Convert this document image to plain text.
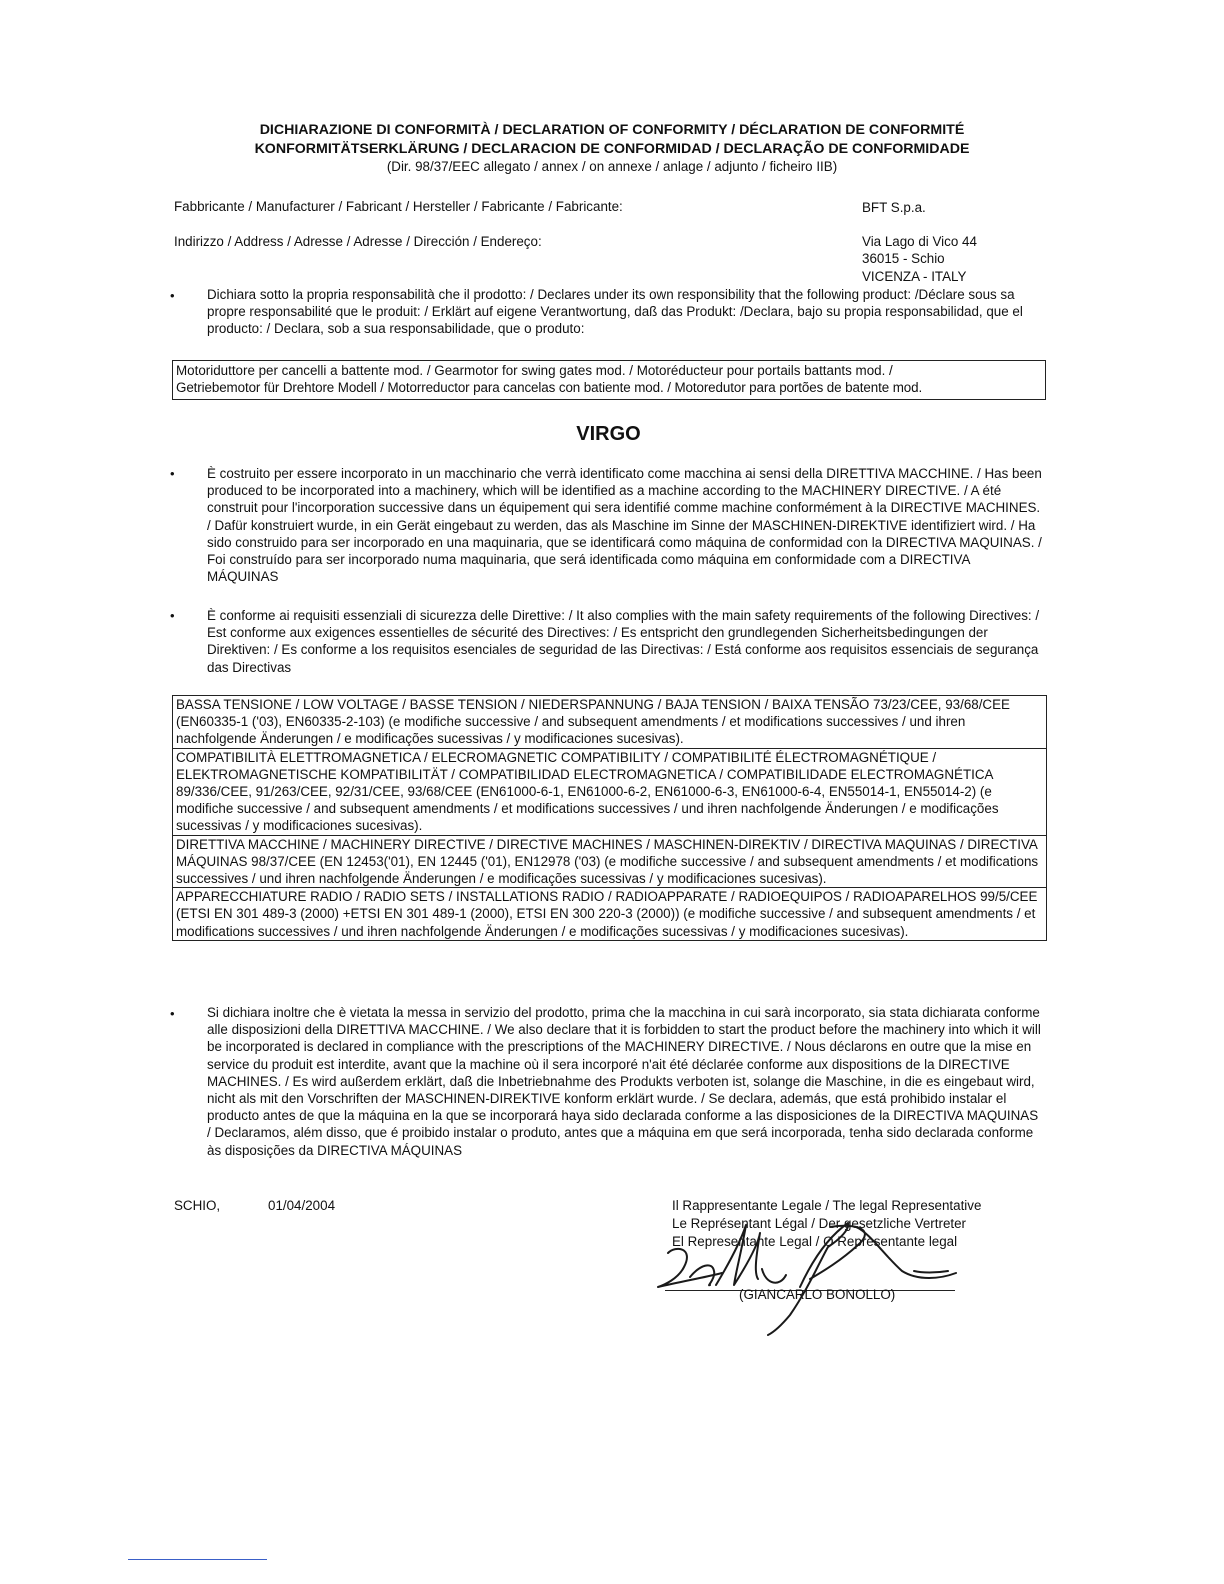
DICHIARAZIONE DI CONFORMITÀ / DECLARATION OF CONFORMITY / DÉCLARATION DE CONFORMITÉ
KONFORMITÄTSERKLÄRUNG / DECLARACION DE CONFORMIDAD / DECLARAÇÃO DE CONFORMIDADE
(Dir. 98/37/EEC allegato / annex / on annexe / anlage / adjunto / ficheiro IIB)
Fabbricante / Manufacturer / Fabricant / Hersteller / Fabricante / Fabricante:	BFT S.p.a.
Indirizzo / Address / Adresse / Adresse / Dirección / Endereço:	Via Lago di Vico 44
36015 - Schio
VICENZA - ITALY
• Dichiara sotto la propria responsabilità che il prodotto: / Declares under its own responsibility that the following product: /Déclare sous sa propre responsabilité que le produit: / Erklärt auf eigene Verantwortung, daß das Produkt: /Declara, bajo su propia responsabilidad, que el producto: / Declara, sob a sua responsabilidade, que o produto:
Motoriduttore per cancelli a battente mod. / Gearmotor for swing gates mod. / Motoréducteur pour portails battants mod. /
Getriebemotor für Drehtore Modell / Motorreductor para cancelas con batiente mod. / Motoredutor para portões de batente mod.
VIRGO
• È costruito per essere incorporato in un macchinario che verrà identificato come macchina ai sensi della DIRETTIVA MACCHINE. / Has been produced to be incorporated into a machinery, which will be identified as a machine according to the MACHINERY DIRECTIVE. / A été construit pour l'incorporation successive dans un équipement qui sera identifié comme machine conformément à la DIRECTIVE MACHINES. / Dafür konstruiert wurde, in ein Gerät eingebaut zu werden, das als Maschine im Sinne der MASCHINEN-DIREKTIVE identifiziert wird. / Ha sido construido para ser incorporado en una maquinaria, que se identificará como máquina de conformidad con la DIRECTIVA MAQUINAS. / Foi construído para ser incorporado numa maquinaria, que será identificada como máquina em conformidade com a DIRECTIVA MÁQUINAS
• È conforme ai requisiti essenziali di sicurezza delle Direttive: / It also complies with the main safety requirements of the following Directives: / Est conforme aux exigences essentielles de sécurité des Directives: / Es entspricht den grundlegenden Sicherheitsbedingungen der Direktiven: / Es conforme a los requisitos esenciales de seguridad de las Directivas: / Está conforme aos requisitos essenciais de segurança das Directivas
BASSA TENSIONE / LOW VOLTAGE / BASSE TENSION / NIEDERSPANNUNG / BAJA TENSION / BAIXA TENSÃO 73/23/CEE, 93/68/CEE (EN60335-1 ('03), EN60335-2-103) (e modifiche successive / and subsequent amendments / et modifications successives / und ihren nachfolgende Änderungen / e modificações sucessivas / y modificaciones sucesivas).
COMPATIBILITÀ ELETTROMAGNETICA / ELECROMAGNETIC COMPATIBILITY / COMPATIBILITÉ ÉLECTROMAGNÉTIQUE / ELEKTROMAGNETISCHE KOMPATIBILITÄT / COMPATIBILIDAD ELECTROMAGNETICA / COMPATIBILIDADE ELECTROMAGNÉTICA 89/336/CEE, 91/263/CEE, 92/31/CEE, 93/68/CEE (EN61000-6-1, EN61000-6-2, EN61000-6-3, EN61000-6-4, EN55014-1, EN55014-2) (e modifiche successive / and subsequent amendments / et modifications successives / und ihren nachfolgende Änderungen / e modificações sucessivas / y modificaciones sucesivas).
DIRETTIVA MACCHINE / MACHINERY DIRECTIVE / DIRECTIVE MACHINES / MASCHINEN-DIREKTIV / DIRECTIVA MAQUINAS / DIRECTIVA MÁQUINAS 98/37/CEE (EN 12453('01), EN 12445 ('01), EN12978 ('03) (e modifiche successive / and subsequent amendments / et modifications successives / und ihren nachfolgende Änderungen / e modificações sucessivas / y modificaciones sucesivas).
APPARECCHIATURE RADIO / RADIO SETS / INSTALLATIONS RADIO / RADIOAPPARATE / RADIOEQUIPOS / RADIOAPARELHOS 99/5/CEE (ETSI EN 301 489-3 (2000) +ETSI EN 301 489-1 (2000), ETSI EN 300 220-3 (2000)) (e modifiche successive / and subsequent amendments / et modifications successives / und ihren nachfolgende Änderungen / e modificações sucessivas / y modificaciones sucesivas).
• Si dichiara inoltre che è vietata la messa in servizio del prodotto, prima che la macchina in cui sarà incorporato, sia stata dichiarata conforme alle disposizioni della DIRETTIVA MACCHINE. / We also declare that it is forbidden to start the product before the machinery into which it will be incorporated is declared in compliance with the prescriptions of the MACHINERY DIRECTIVE. / Nous déclarons en outre que la mise en service du produit est interdite, avant que la machine où il sera incorporé n'ait été déclarée conforme aux dispositions de la DIRECTIVE MACHINES. / Es wird außerdem erklärt, daß die Inbetriebnahme des Produkts verboten ist, solange die Maschine, in die es eingebaut wird, nicht als mit den Vorschriften der MASCHINEN-DIREKTIVE konform erklärt wurde. / Se declara, además, que está prohibido instalar el producto antes de que la máquina en la que se incorporará haya sido declarada conforme a las disposiciones de la DIRECTIVA MAQUINAS / Declaramos, além disso, que é proibido instalar o produto, antes que a máquina em que será incorporada, tenha sido declarada conforme às disposições da DIRECTIVA MÁQUINAS
SCHIO,	01/04/2004	Il Rappresentante Legale / The legal Representative
Le Représentant Légal / Der gesetzliche Vertreter
El Representante Legal / O Representante legal
(GIANCARLO BONOLLO)
